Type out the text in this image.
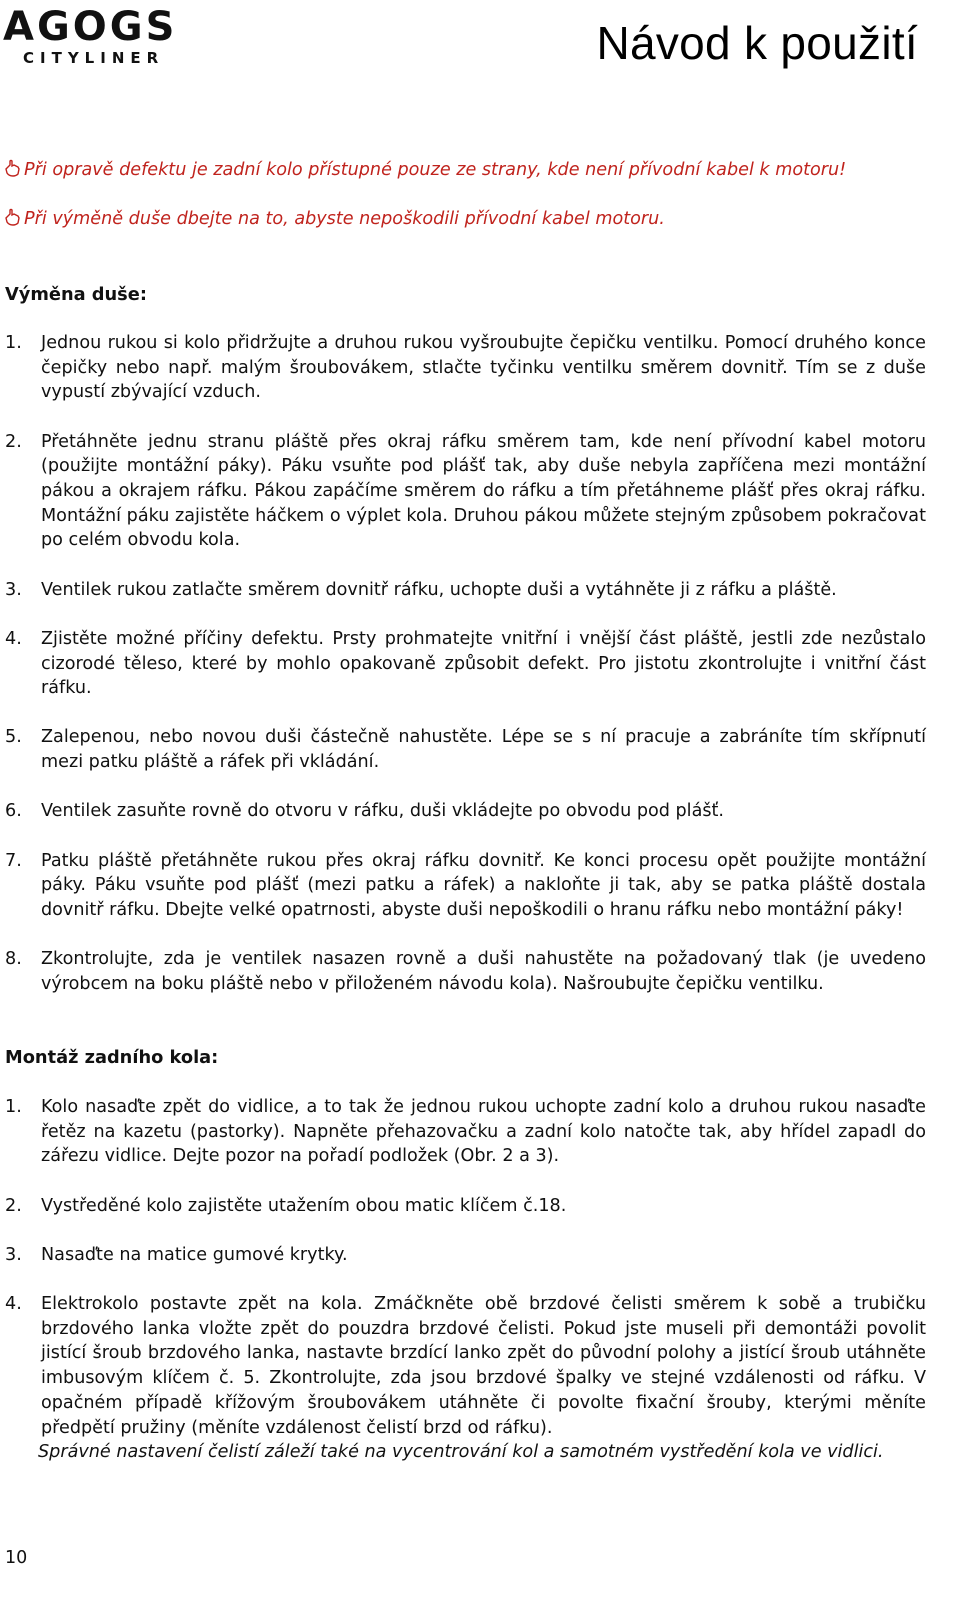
AGOGS
CITYLINER	Návod k použití

Při opravě defektu je zadní kolo přístupné pouze ze strany, kde není přívodní kabel k motoru!

Při výměně duše dbejte na to, abyste nepoškodili přívodní kabel motoru.

Výměna duše:
1. Jednou rukou si kolo přidržujte a druhou rukou vyšroubujte čepičku ventilku. Pomocí druhého konce čepičky nebo např. malým šroubovákem, stlačte tyčinku ventilku směrem dovnitř. Tím se z duše vypustí zbývající vzduch.

2. Přetáhněte jednu stranu pláště přes okraj ráfku směrem tam, kde není přívodní kabel motoru (použijte montážní páky). Páku vsuňte pod plášť tak, aby duše nebyla zapříčena mezi montážní pákou a okrajem ráfku. Pákou zapáčíme směrem do ráfku a tím přetáhneme plášť přes okraj ráfku. Montážní páku zajistěte háčkem o výplet kola. Druhou pákou můžete stejným způsobem pokračovat po celém obvodu kola.

3. Ventilek rukou zatlačte směrem dovnitř ráfku, uchopte duši a vytáhněte ji z ráfku a pláště.

4. Zjistěte možné příčiny defektu. Prsty prohmatejte vnitřní i vnější část pláště, jestli zde nezůstalo cizorodé těleso, které by mohlo opakovaně způsobit defekt. Pro jistotu zkontrolujte i vnitřní část ráfku.

5. Zalepenou, nebo novou duši částečně nahustěte. Lépe se s ní pracuje a zabráníte tím skřípnutí mezi patku pláště a ráfek při vkládání.

6. Ventilek zasuňte rovně do otvoru v ráfku, duši vkládejte po obvodu pod plášť.

7. Patku pláště přetáhněte rukou přes okraj ráfku dovnitř. Ke konci procesu opět použijte montážní páky. Páku vsuňte pod plášť (mezi patku a ráfek) a nakloňte ji tak, aby se patka pláště dostala dovnitř ráfku. Dbejte velké opatrnosti, abyste duši nepoškodili o hranu ráfku nebo montážní páky!

8. Zkontrolujte, zda je ventilek nasazen rovně a duši nahustěte na požadovaný tlak (je uvedeno výrobcem na boku pláště nebo v přiloženém návodu kola). Našroubujte čepičku ventilku.

Montáž zadního kola:
1. Kolo nasaďte zpět do vidlice, a to tak že jednou rukou uchopte zadní kolo a druhou rukou nasaďte řetěz na kazetu (pastorky). Napněte přehazovačku a zadní kolo natočte tak, aby hřídel zapadl do zářezu vidlice. Dejte pozor na pořadí podložek (Obr. 2 a 3).

2. Vystředěné kolo zajistěte utažením obou matic klíčem č.18.

3. Nasaďte na matice gumové krytky.

4. Elektrokolo postavte zpět na kola. Zmáčkněte obě brzdové čelisti směrem k sobě a trubičku brzdového lanka vložte zpět do pouzdra brzdové čelisti. Pokud jste museli při demontáži povolit jistící šroub brzdového lanka, nastavte brzdící lanko zpět do původní polohy a jistící šroub utáhněte imbusovým klíčem č. 5. Zkontrolujte, zda jsou brzdové špalky ve stejné vzdálenosti od ráfku. V opačném případě křížovým šroubovákem utáhněte či povolte fixační šrouby, kterými měníte předpětí pružiny (měníte vzdálenost čelistí brzd od ráfku).

Správné nastavení čelistí záleží také na vycentrování kol a samotném vystředění kola ve vidlici.

10
